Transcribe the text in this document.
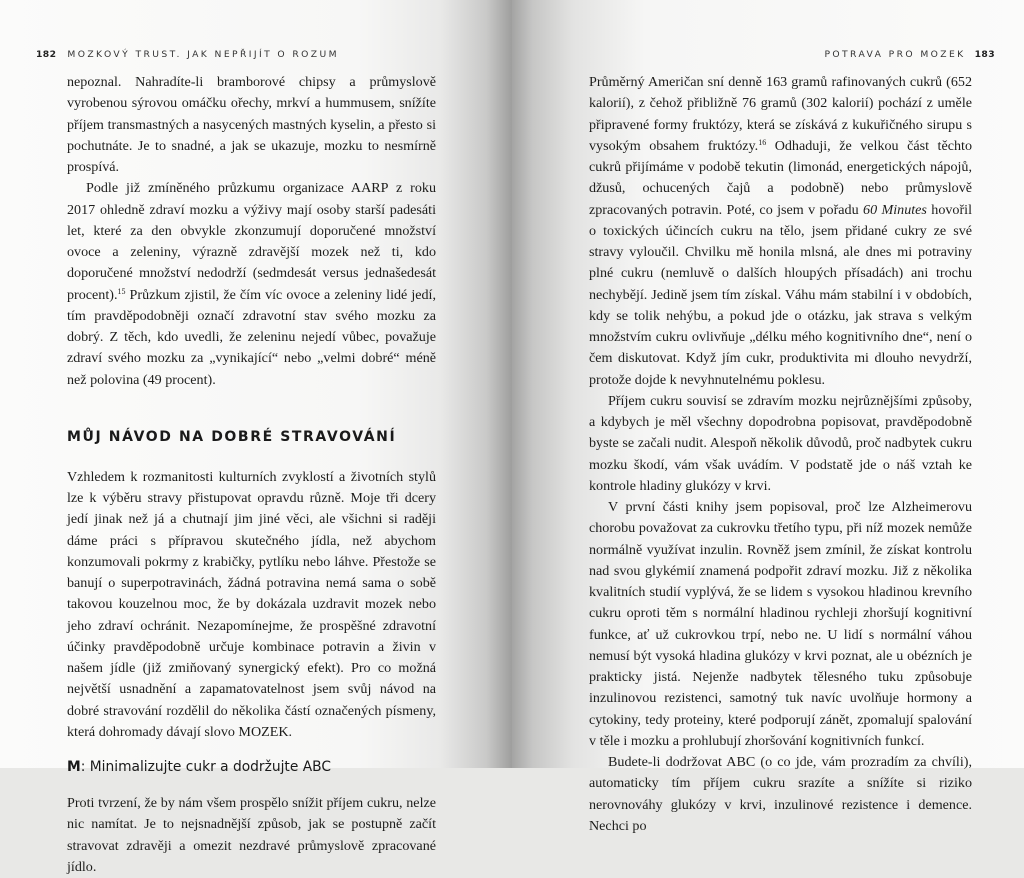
182 MOZKOVÝ TRUST. JAK NEPŘIJÍT O ROZUM

nepoznal. Nahradíte-li bramborové chipsy a průmyslově vyrobenou sýrovou omáčku ořechy, mrkví a hummusem, snížíte příjem transmastných a nasycených mastných kyselin, a přesto si pochutnáte. Je to snadné, a jak se ukazuje, mozku to nesmírně prospívá.

Podle již zmíněného průzkumu organizace AARP z roku 2017 ohledně zdraví mozku a výživy mají osoby starší padesáti let, které za den obvykle zkonzumují doporučené množství ovoce a zeleniny, výrazně zdravější mozek než ti, kdo doporučené množství nedodrží (sedmdesát versus jednašedesát procent).$^{15}$ Průzkum zjistil, že čím víc ovoce a zeleniny lidé jedí, tím pravděpodobněji označí zdravotní stav svého mozku za dobrý. Z těch, kdo uvedli, že zeleninu nejedí vůbec, považuje zdraví svého mozku za „vynikající“ nebo „velmi dobré“ méně než polovina (49 procent).

MŮJ NÁVOD NA DOBRÉ STRAVOVÁNÍ

Vzhledem k rozmanitosti kulturních zvyklostí a životních stylů lze k výběru stravy přistupovat opravdu různě. Moje tři dcery jedí jinak než já a chutnají jim jiné věci, ale všichni si raději dáme práci s přípravou skutečného jídla, než abychom konzumovali pokrmy z krabičky, pytlíku nebo láhve. Přestože se banují o superpotravinách, žádná potravina nemá sama o sobě takovou kouzelnou moc, že by dokázala uzdravit mozek nebo jeho zdraví ochránit. Nezapomínejme, že prospěšné zdravotní účinky pravděpodobně určuje kombinace potravin a živin v našem jídle (již zmiňovaný synergický efekt). Pro co možná největší usnadnění a zapamatovatelnost jsem svůj návod na dobré stravování rozdělil do několika částí označených písmeny, která dohromady dávají slovo MOZEK.

M: Minimalizujte cukr a dodržujte ABC

Proti tvrzení, že by nám všem prospělo snížit příjem cukru, nelze nic namítat. Je to nejsnadnější způsob, jak se postupně začít stravovat zdravěji a omezit nezdravé průmyslově zpracované jídlo.

POTRAVA PRO MOZEK 183

Průměrný Američan sní denně 163 gramů rafinovaných cukrů (652 kalorií), z čehož přibližně 76 gramů (302 kalorií) pochází z uměle připravené formy fruktózy, která se získává z kukuřičného sirupu s vysokým obsahem fruktózy.$^{16}$ Odhaduji, že velkou část těchto cukrů přijímáme v podobě tekutin (limonád, energetických nápojů, džusů, ochucených čajů a podobně) nebo průmyslově zpracovaných potravin. Poté, co jsem v pořadu 60 Minutes hovořil o toxických účincích cukru na tělo, jsem přidané cukry ze své stravy vyloučil. Chvilku mě honila mlsná, ale dnes mi potraviny plné cukru (nemluvě o dalších hloupých přísadách) ani trochu nechybějí. Jedině jsem tím získal. Váhu mám stabilní i v obdobích, kdy se tolik nehýbu, a pokud jde o otázku, jak strava s velkým množstvím cukru ovlivňuje „délku mého kognitivního dne“, není o čem diskutovat. Když jím cukr, produktivita mi dlouho nevydrží, protože dojde k nevyhnutelnému poklesu.

Příjem cukru souvisí se zdravím mozku nejrůznějšími způsoby, a kdybych je měl všechny dopodrobna popisovat, pravděpodobně byste se začali nudit. Alespoň několik důvodů, proč nadbytek cukru mozku škodí, vám však uvádím. V podstatě jde o náš vztah ke kontrole hladiny glukózy v krvi.

V první části knihy jsem popisoval, proč lze Alzheimerovu chorobu považovat za cukrovku třetího typu, při níž mozek nemůže normálně využívat inzulin. Rovněž jsem zmínil, že získat kontrolu nad svou glykémií znamená podpořit zdraví mozku. Již z několika kvalitních studií vyplývá, že se lidem s vysokou hladinou krevního cukru oproti těm s normální hladinou rychleji zhoršují kognitivní funkce, ať už cukrovkou trpí, nebo ne. U lidí s normální váhou nemusí být vysoká hladina glukózy v krvi poznat, ale u obézních je prakticky jistá. Nejenže nadbytek tělesného tuku způsobuje inzulinovou rezistenci, samotný tuk navíc uvolňuje hormony a cytokiny, tedy proteiny, které podporují zánět, zpomalují spalování v těle i mozku a prohlubují zhoršování kognitivních funkcí.

Budete-li dodržovat ABC (o co jde, vám prozradím za chvíli), automaticky tím příjem cukru srazíte a snížíte si riziko nerovnováhy glukózy v krvi, inzulinové rezistence i demence. Nechci po
